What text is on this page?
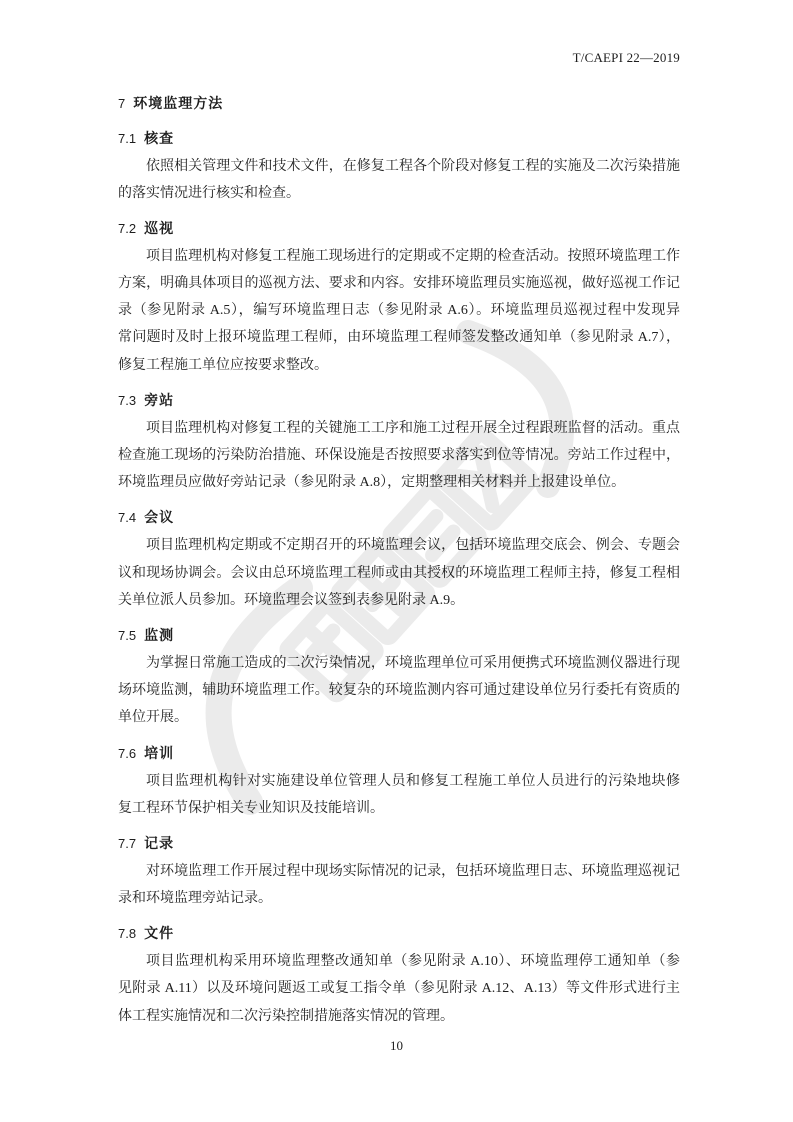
T/CAEPI 22—2019
7 环境监理方法
7.1 核查
依照相关管理文件和技术文件，在修复工程各个阶段对修复工程的实施及二次污染措施
的落实情况进行核实和检查。
7.2 巡视
项目监理机构对修复工程施工现场进行的定期或不定期的检查活动。按照环境监理工作
方案，明确具体项目的巡视方法、要求和内容。安排环境监理员实施巡视，做好巡视工作记
录（参见附录 A.5），编写环境监理日志（参见附录 A.6）。环境监理员巡视过程中发现异
常问题时及时上报环境监理工程师，由环境监理工程师签发整改通知单（参见附录 A.7），
修复工程施工单位应按要求整改。
7.3 旁站
项目监理机构对修复工程的关键施工工序和施工过程开展全过程跟班监督的活动。重点
检查施工现场的污染防治措施、环保设施是否按照要求落实到位等情况。旁站工作过程中，
环境监理员应做好旁站记录（参见附录 A.8），定期整理相关材料并上报建设单位。
7.4 会议
项目监理机构定期或不定期召开的环境监理会议，包括环境监理交底会、例会、专题会
议和现场协调会。会议由总环境监理工程师或由其授权的环境监理工程师主持，修复工程相
关单位派人员参加。环境监理会议签到表参见附录 A.9。
7.5 监测
为掌握日常施工造成的二次污染情况，环境监理单位可采用便携式环境监测仪器进行现
场环境监测，辅助环境监理工作。较复杂的环境监测内容可通过建设单位另行委托有资质的
单位开展。
7.6 培训
项目监理机构针对实施建设单位管理人员和修复工程施工单位人员进行的污染地块修
复工程环节保护相关专业知识及技能培训。
7.7 记录
对环境监理工作开展过程中现场实际情况的记录，包括环境监理日志、环境监理巡视记
录和环境监理旁站记录。
7.8 文件
项目监理机构采用环境监理整改通知单（参见附录 A.10）、环境监理停工通知单（参
见附录 A.11）以及环境问题返工或复工指令单（参见附录 A.12、A.13）等文件形式进行主
体工程实施情况和二次污染控制措施落实情况的管理。
10
